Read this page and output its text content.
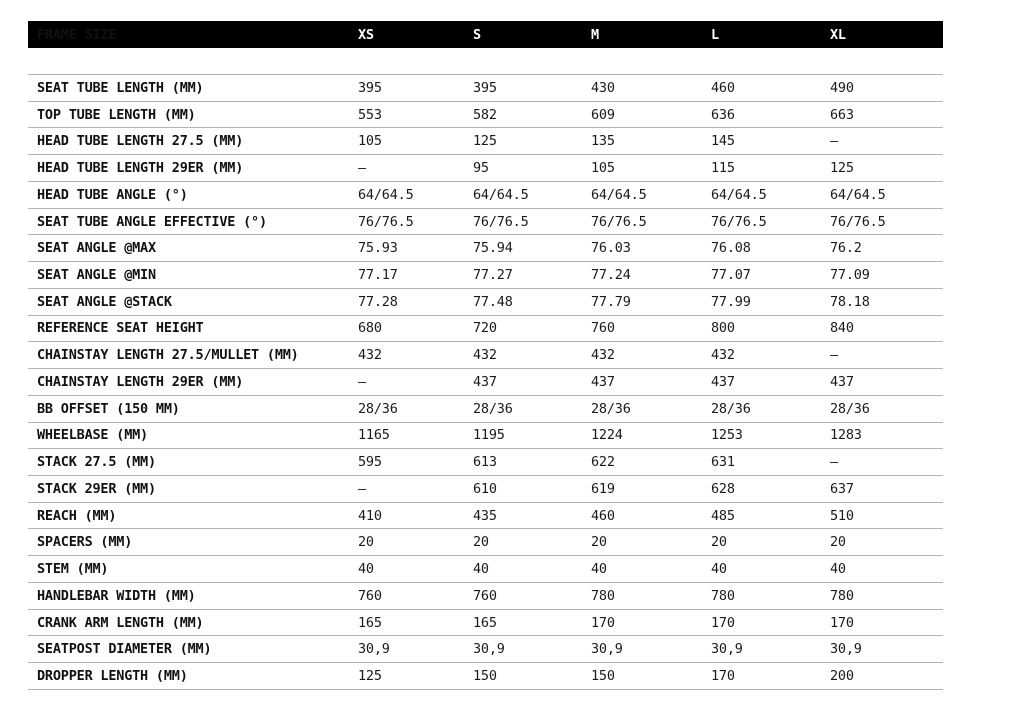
FRAME SIZE	XS	S	M	L	XL
SEAT TUBE LENGTH (MM)	395	395	430	460	490
TOP TUBE LENGTH (MM)	553	582	609	636	663
HEAD TUBE LENGTH 27.5 (MM)	105	125	135	145	–
HEAD TUBE LENGTH 29ER (MM)	–	95	105	115	125
HEAD TUBE ANGLE (°)	64/64.5	64/64.5	64/64.5	64/64.5	64/64.5
SEAT TUBE ANGLE EFFECTIVE (°)	76/76.5	76/76.5	76/76.5	76/76.5	76/76.5
SEAT ANGLE @MAX	75.93	75.94	76.03	76.08	76.2
SEAT ANGLE @MIN	77.17	77.27	77.24	77.07	77.09
SEAT ANGLE @STACK	77.28	77.48	77.79	77.99	78.18
REFERENCE SEAT HEIGHT	680	720	760	800	840
CHAINSTAY LENGTH 27.5/MULLET (MM)	432	432	432	432	–
CHAINSTAY LENGTH 29ER (MM)	–	437	437	437	437
BB OFFSET (150 MM)	28/36	28/36	28/36	28/36	28/36
WHEELBASE (MM)	1165	1195	1224	1253	1283
STACK 27.5 (MM)	595	613	622	631	–
STACK 29ER (MM)	–	610	619	628	637
REACH (MM)	410	435	460	485	510
SPACERS (MM)	20	20	20	20	20
STEM (MM)	40	40	40	40	40
HANDLEBAR WIDTH (MM)	760	760	780	780	780
CRANK ARM LENGTH (MM)	165	165	170	170	170
SEATPOST DIAMETER (MM)	30,9	30,9	30,9	30,9	30,9
DROPPER LENGTH (MM)	125	150	150	170	200
